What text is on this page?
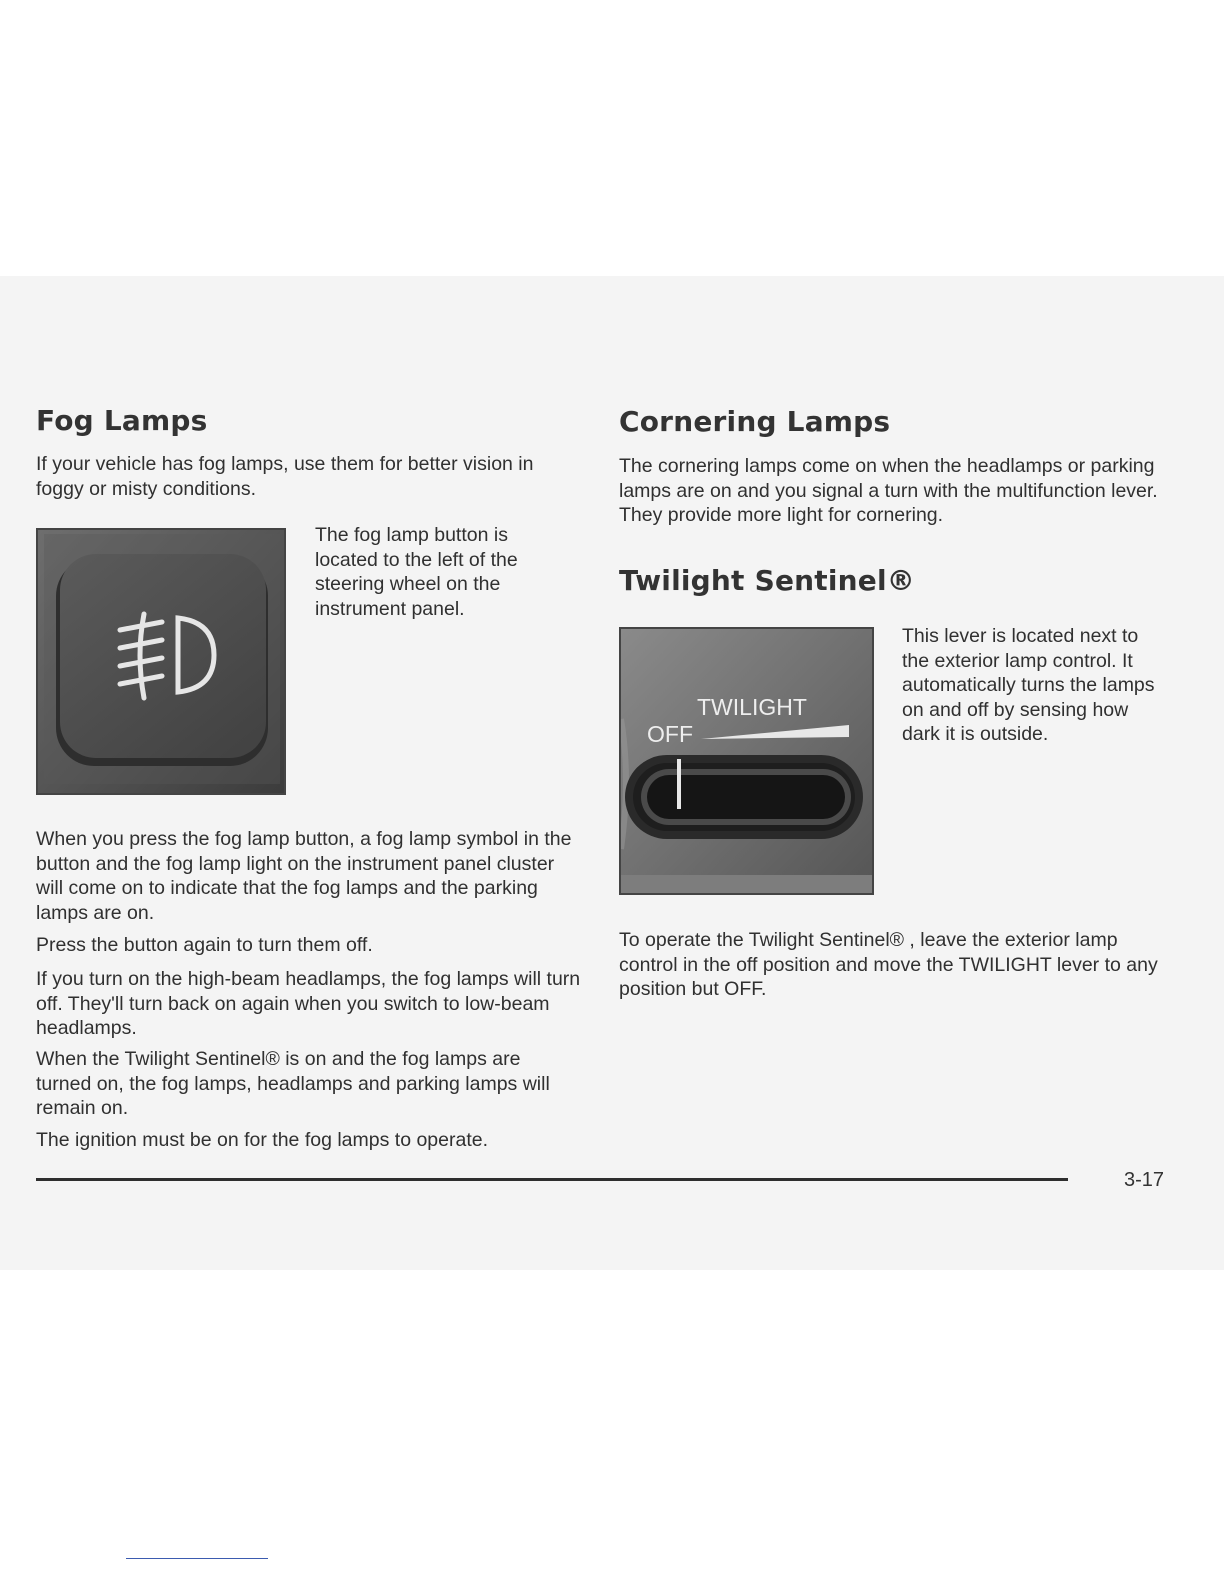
Fog Lamps

If your vehicle has fog lamps, use them for better vision in foggy or misty conditions.

The fog lamp button is located to the left of the steering wheel on the instrument panel.

When you press the fog lamp button, a fog lamp symbol in the button and the fog lamp light on the instrument panel cluster will come on to indicate that the fog lamps and the parking lamps are on.

Press the button again to turn them off.

If you turn on the high-beam headlamps, the fog lamps will turn off. They'll turn back on again when you switch to low-beam headlamps.

When the Twilight Sentinel® is on and the fog lamps are turned on, the fog lamps, headlamps and parking lamps will remain on.

The ignition must be on for the fog lamps to operate.

Cornering Lamps

The cornering lamps come on when the headlamps or parking lamps are on and you signal a turn with the multifunction lever. They provide more light for cornering.

Twilight Sentinel®
TWILIGHT
OFF

This lever is located next to the exterior lamp control. It automatically turns the lamps on and off by sensing how dark it is outside.

To operate the Twilight Sentinel® , leave the exterior lamp control in the off position and move the TWILIGHT lever to any position but OFF.

3-17
